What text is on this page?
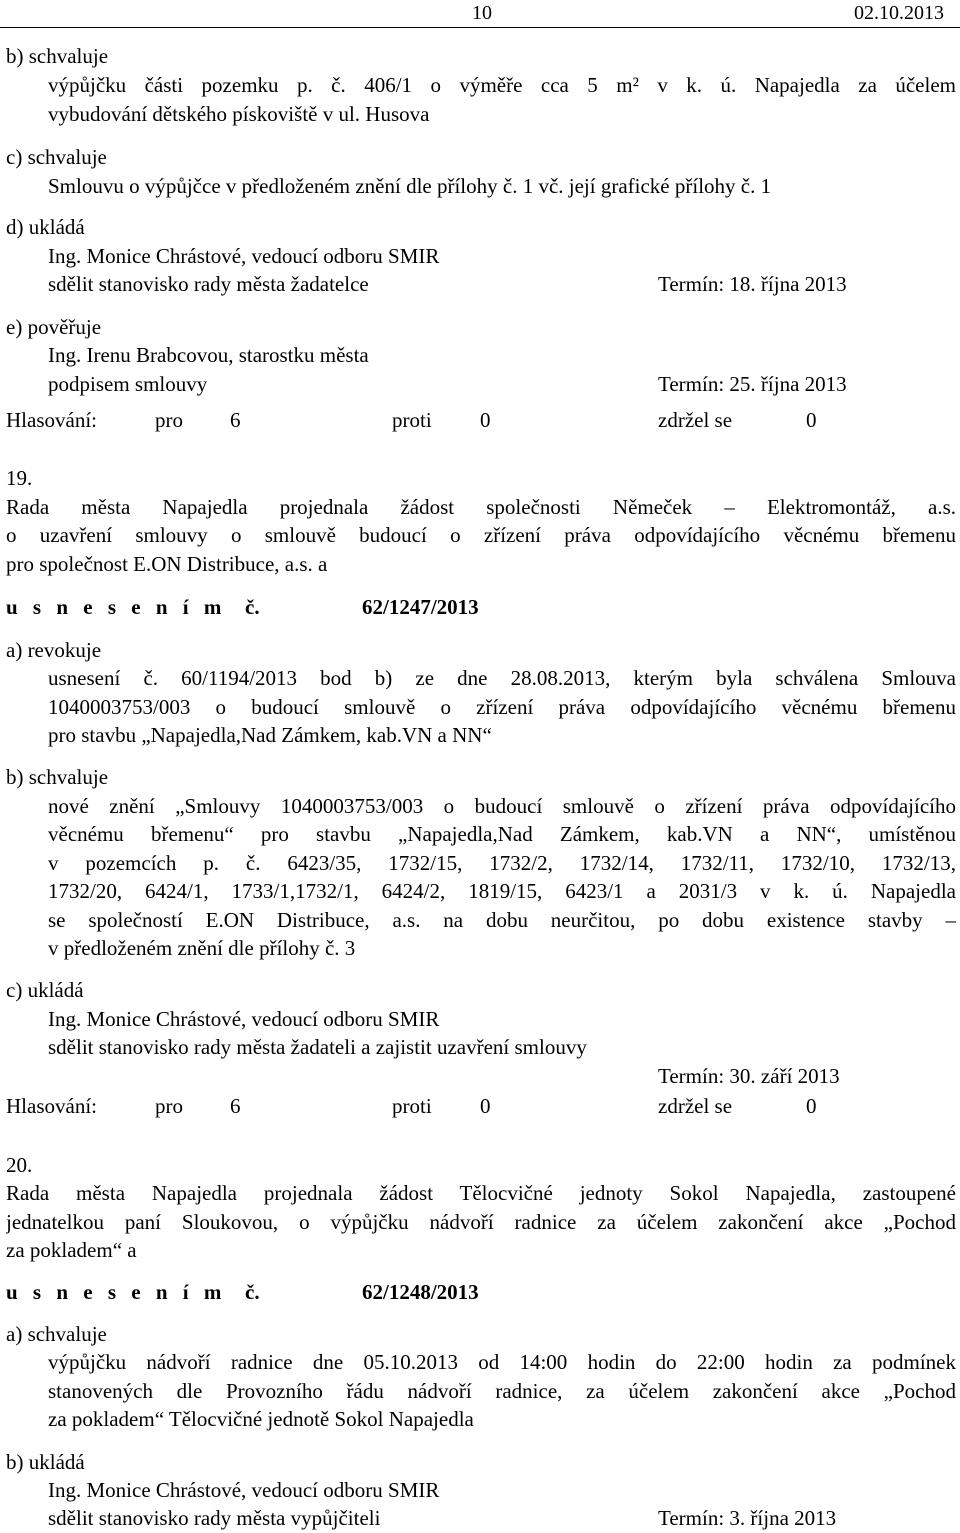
10	02.10.2013
b) schvaluje
výpůjčku části pozemku p. č. 406/1 o výměře cca 5 m² v k. ú. Napajedla za účelem
vybudování dětského pískoviště v ul. Husova
c) schvaluje
Smlouvu o výpůjčce v předloženém znění dle přílohy č. 1 vč. její grafické přílohy č. 1
d) ukládá
Ing. Monice Chrástové, vedoucí odboru SMIR
sdělit stanovisko rady města žadatelce	Termín: 18. října 2013
e) pověřuje
Ing. Irenu Brabcovou, starostku města
podpisem smlouvy	Termín: 25. října 2013
Hlasování:	pro 6	proti 0	zdržel se	0
19.
Rada města Napajedla projednala žádost společnosti Němeček – Elektromontáž, a.s.
o uzavření smlouvy o smlouvě budoucí o zřízení práva odpovídajícího věcnému břemenu
pro společnost E.ON Distribuce, a.s. a
u s n e s e n í m č.	62/1247/2013
a) revokuje
usnesení č. 60/1194/2013 bod b) ze dne 28.08.2013, kterým byla schválena Smlouva
1040003753/003 o budoucí smlouvě o zřízení práva odpovídajícího věcnému břemenu
pro stavbu „Napajedla,Nad Zámkem, kab.VN a NN“
b) schvaluje
nové znění „Smlouvy 1040003753/003 o budoucí smlouvě o zřízení práva odpovídajícího
věcnému břemenu“ pro stavbu „Napajedla,Nad Zámkem, kab.VN a NN“, umístěnou
v pozemcích p. č. 6423/35, 1732/15, 1732/2, 1732/14, 1732/11, 1732/10, 1732/13,
1732/20, 6424/1, 1733/1,1732/1, 6424/2, 1819/15, 6423/1 a 2031/3 v k. ú. Napajedla
se společností E.ON Distribuce, a.s. na dobu neurčitou, po dobu existence stavby –
v předloženém znění dle přílohy č. 3
c) ukládá
Ing. Monice Chrástové, vedoucí odboru SMIR
sdělit stanovisko rady města žadateli a zajistit uzavření smlouvy
Termín: 30. září 2013
Hlasování:	pro 6	proti 0	zdržel se	0
20.
Rada města Napajedla projednala žádost Tělocvičné jednoty Sokol Napajedla, zastoupené
jednatelkou paní Sloukovou, o výpůjčku nádvoří radnice za účelem zakončení akce „Pochod
za pokladem“ a
u s n e s e n í m č.	62/1248/2013
a) schvaluje
výpůjčku nádvoří radnice dne 05.10.2013 od 14:00 hodin do 22:00 hodin za podmínek
stanovených dle Provozního řádu nádvoří radnice, za účelem zakončení akce „Pochod
za pokladem“ Tělocvičné jednotě Sokol Napajedla
b) ukládá
Ing. Monice Chrástové, vedoucí odboru SMIR
sdělit stanovisko rady města vypůjčiteli	Termín: 3. října 2013
